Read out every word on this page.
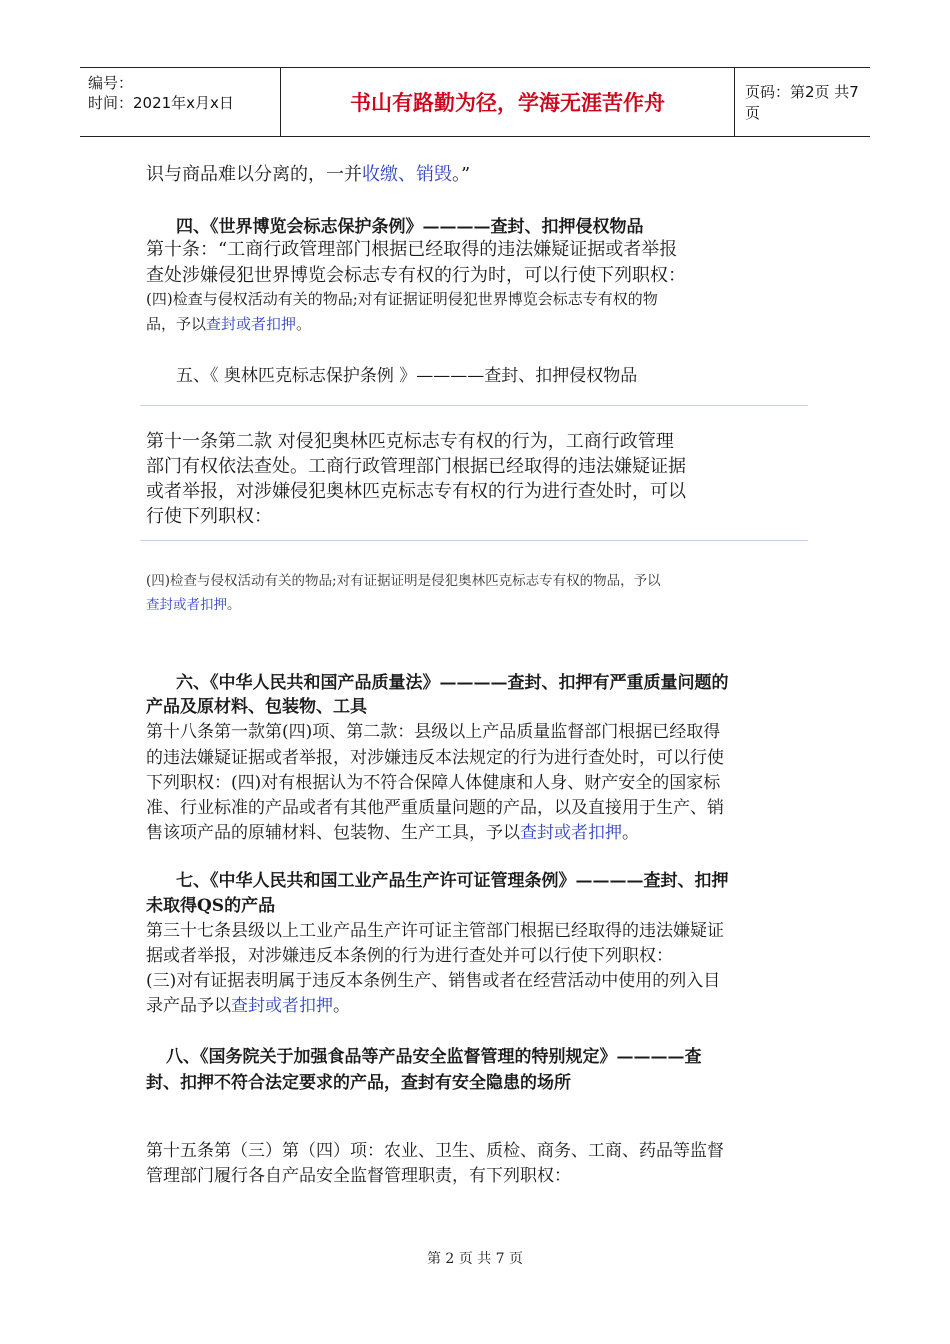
编号：
时间：2021年x月x日	书山有路勤为径，学海无涯苦作舟	页码：第2页 共7页
识与商品难以分离的，一并收缴、销毁。”
四、《世界博览会标志保护条例》————查封、扣押侵权物品
第十条：“工商行政管理部门根据已经取得的违法嫌疑证据或者举报
查处涉嫌侵犯世界博览会标志专有权的行为时，可以行使下列职权：
(四)检查与侵权活动有关的物品;对有证据证明侵犯世界博览会标志专有权的物
品，予以查封或者扣押。
五、《 奥林匹克标志保护条例 》————查封、扣押侵权物品
第十一条第二款 对侵犯奥林匹克标志专有权的行为，工商行政管理
部门有权依法查处。工商行政管理部门根据已经取得的违法嫌疑证据
或者举报，对涉嫌侵犯奥林匹克标志专有权的行为进行查处时，可以
行使下列职权：
(四)检查与侵权活动有关的物品;对有证据证明是侵犯奥林匹克标志专有权的物品，予以
查封或者扣押。
六、《中华人民共和国产品质量法》————查封、扣押有严重质量问题的
产品及原材料、包装物、工具
第十八条第一款第(四)项、第二款：县级以上产品质量监督部门根据已经取得
的违法嫌疑证据或者举报，对涉嫌违反本法规定的行为进行查处时，可以行使
下列职权：(四)对有根据认为不符合保障人体健康和人身、财产安全的国家标
准、行业标准的产品或者有其他严重质量问题的产品，以及直接用于生产、销
售该项产品的原辅材料、包装物、生产工具，予以查封或者扣押。
七、《中华人民共和国工业产品生产许可证管理条例》————查封、扣押
未取得QS的产品
第三十七条县级以上工业产品生产许可证主管部门根据已经取得的违法嫌疑证
据或者举报，对涉嫌违反本条例的行为进行查处并可以行使下列职权：
(三)对有证据表明属于违反本条例生产、销售或者在经营活动中使用的列入目
录产品予以查封或者扣押。
八、《国务院关于加强食品等产品安全监督管理的特别规定》————查
封、扣押不符合法定要求的产品，查封有安全隐患的场所
第十五条第（三）第（四）项：农业、卫生、质检、商务、工商、药品等监督
管理部门履行各自产品安全监督管理职责，有下列职权：
第 2 页 共 7 页
